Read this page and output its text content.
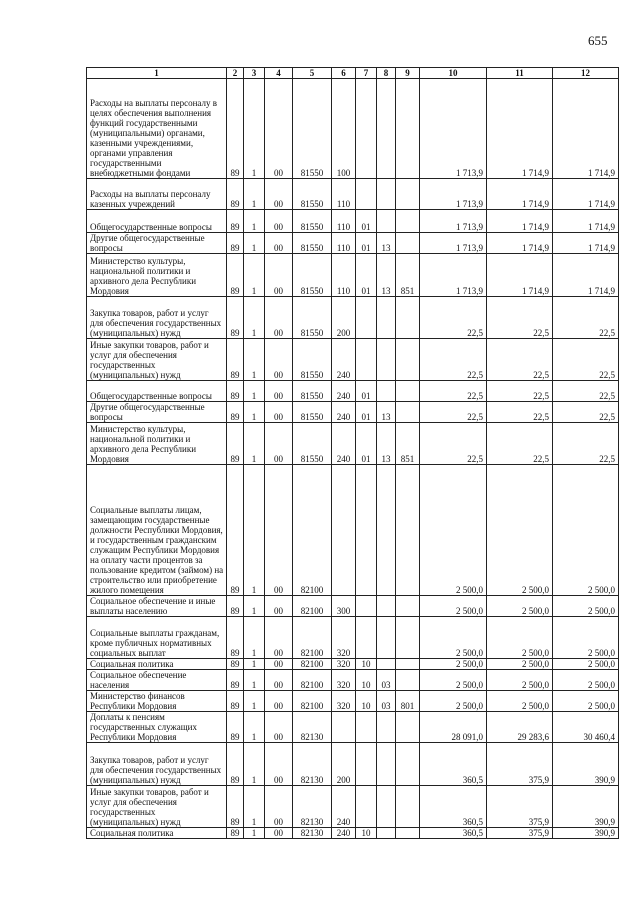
655
1	2	3	4	5	6	7	8	9	10	11	12
Расходы на выплаты персоналу в целях обеспечения выполнения функций государственными (муниципальными) органами, казенными учреждениями, органами управления государственными внебюджетными фондами	89	1	00	81550	100				1 713,9	1 714,9	1 714,9
Расходы на выплаты персоналу казенных учреждений	89	1	00	81550	110				1 713,9	1 714,9	1 714,9
Общегосударственные вопросы	89	1	00	81550	110	01			1 713,9	1 714,9	1 714,9
Другие общегосударственные вопросы	89	1	00	81550	110	01	13		1 713,9	1 714,9	1 714,9
Министерство культуры, национальной политики и архивного дела Республики Мордовия	89	1	00	81550	110	01	13	851	1 713,9	1 714,9	1 714,9
Закупка товаров, работ и услуг для обеспечения государственных (муниципальных) нужд	89	1	00	81550	200				22,5	22,5	22,5
Иные закупки товаров, работ и услуг для обеспечения государственных (муниципальных) нужд	89	1	00	81550	240				22,5	22,5	22,5
Общегосударственные вопросы	89	1	00	81550	240	01			22,5	22,5	22,5
Другие общегосударственные вопросы	89	1	00	81550	240	01	13		22,5	22,5	22,5
Министерство культуры, национальной политики и архивного дела Республики Мордовия	89	1	00	81550	240	01	13	851	22,5	22,5	22,5
Социальные выплаты лицам, замещающим государственные должности Республики Мордовия, и государственным гражданским служащим Республики Мордовия на оплату части процентов за пользование кредитом (займом) на строительство или приобретение жилого помещения	89	1	00	82100					2 500,0	2 500,0	2 500,0
Социальное обеспечение и иные выплаты населению	89	1	00	82100	300				2 500,0	2 500,0	2 500,0
Социальные выплаты гражданам, кроме публичных нормативных социальных выплат	89	1	00	82100	320				2 500,0	2 500,0	2 500,0
Социальная политика	89	1	00	82100	320	10			2 500,0	2 500,0	2 500,0
Социальное обеспечение населения	89	1	00	82100	320	10	03		2 500,0	2 500,0	2 500,0
Министерство финансов Республики Мордовия	89	1	00	82100	320	10	03	801	2 500,0	2 500,0	2 500,0
Доплаты к пенсиям государственных служащих Республики Мордовия	89	1	00	82130					28 091,0	29 283,6	30 460,4
Закупка товаров, работ и услуг для обеспечения государственных (муниципальных) нужд	89	1	00	82130	200				360,5	375,9	390,9
Иные закупки товаров, работ и услуг для обеспечения государственных (муниципальных) нужд	89	1	00	82130	240				360,5	375,9	390,9
Социальная политика	89	1	00	82130	240	10			360,5	375,9	390,9
